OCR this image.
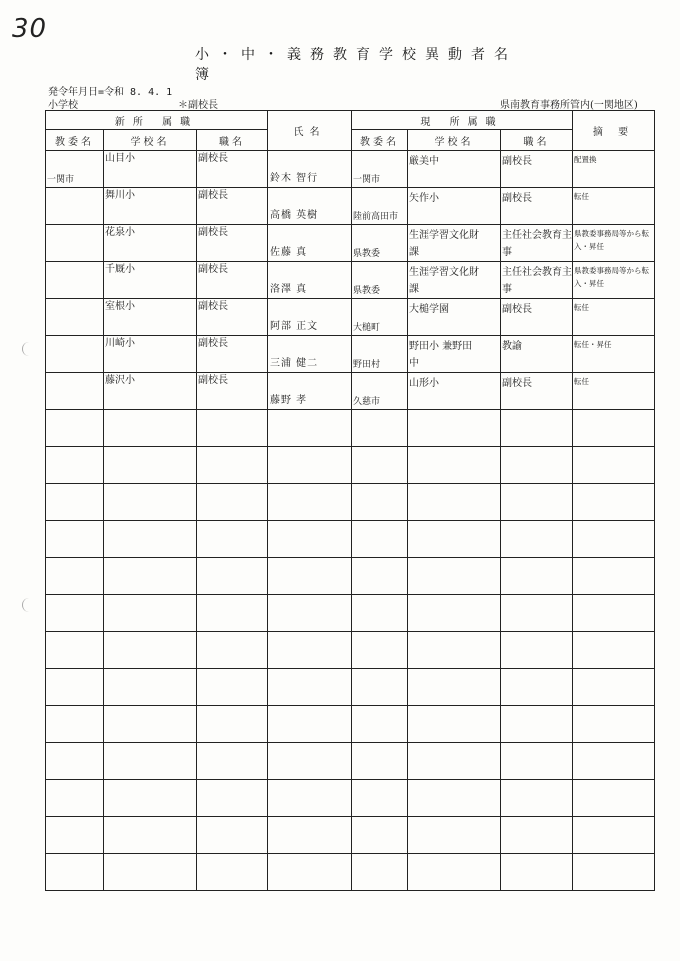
30
小・中・義務教育学校異動者名簿
発令年月日=令和 8. 4. 1
小学校	＊副校長	県南教育事務所管内(一関地区)
新所 属職			氏名	現 所属職			摘 要
教委名	学校名	職名		教委名	学校名	職名	

一関市	山目小	副校長	鈴木 智行	一関市	厳美中	副校長	配置換

	舞川小	副校長	高橋 英樹	陸前高田市	矢作小	副校長	転任

	花泉小	副校長	佐藤 真	県教委	生涯学習文化財課	主任社会教育主事	県教委事務局等から転入・昇任

	千厩小	副校長	洛澤 真	県教委	生涯学習文化財課	主任社会教育主事	県教委事務局等から転入・昇任

	室根小	副校長	阿部 正文	大槌町	大槌学園	副校長	転任

	川崎小	副校長	三浦 健二	野田村	野田小 兼野田中	教諭	転任・昇任

	藤沢小	副校長	藤野 孝	久慈市	山形小	副校長	転任
